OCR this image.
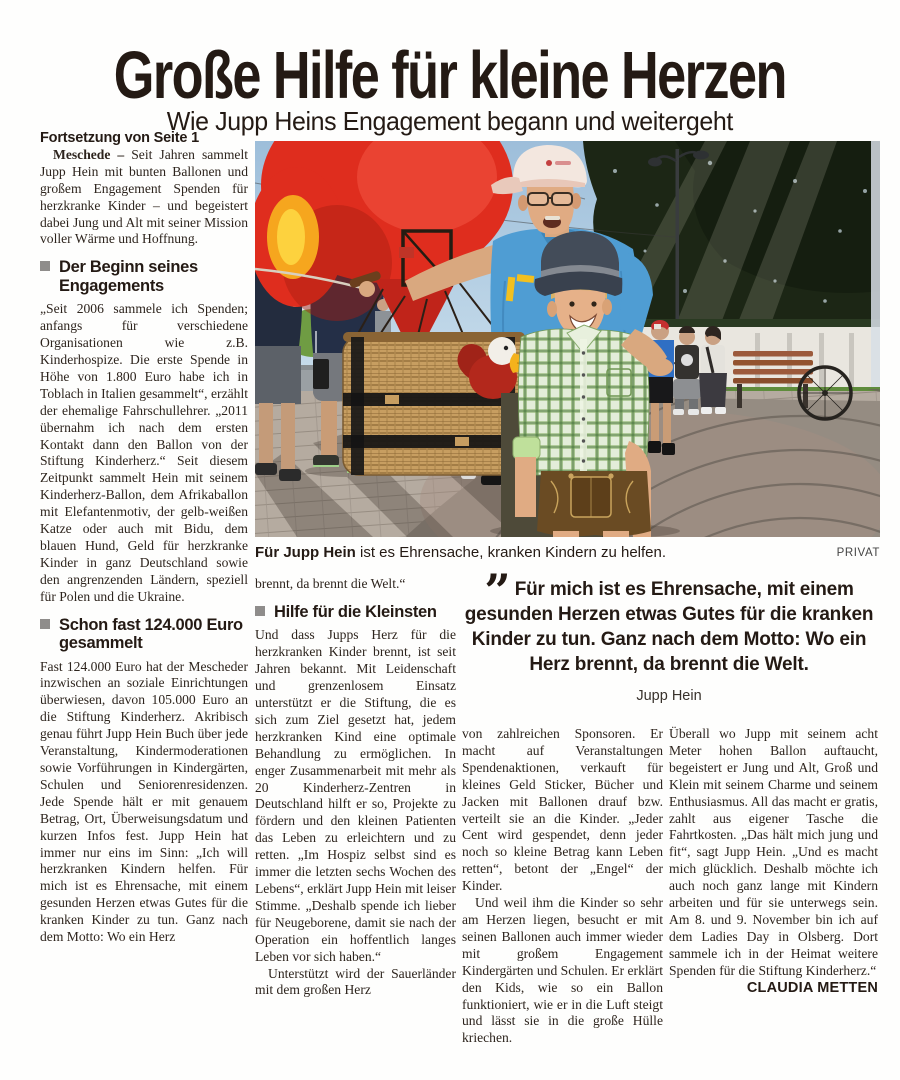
Große Hilfe für kleine Herzen
Wie Jupp Heins Engagement begann und weitergeht

Fortsetzung von Seite 1

Meschede – Seit Jahren sammelt Jupp Hein mit bunten Ballonen und großem Engagement Spenden für herzkranke Kinder – und begeistert dabei Jung und Alt mit seiner Mission voller Wärme und Hoffnung.

Der Beginn seines Engagements

„Seit 2006 sammele ich Spenden; anfangs für verschiedene Organisationen wie z.B. Kinderhospize. Die erste Spende in Höhe von 1.800 Euro habe ich in Toblach in Italien gesammelt“, erzählt der ehemalige Fahrschullehrer. „2011 übernahm ich nach dem ersten Kontakt dann den Ballon von der Stiftung Kinderherz.“ Seit diesem Zeitpunkt sammelt Hein mit seinem Kinderherz-Ballon, dem Afrikaballon mit Elefantenmotiv, der gelb-weißen Katze oder auch mit Bidu, dem blauen Hund, Geld für herzkranke Kinder in ganz Deutschland sowie den angrenzenden Ländern, speziell für Polen und die Ukraine.

Schon fast 124.000 Euro gesammelt

Fast 124.000 Euro hat der Mescheder inzwischen an soziale Einrichtungen überwiesen, davon 105.000 Euro an die Stiftung Kinderherz. Akribisch genau führt Jupp Hein Buch über jede Veranstaltung, Kindermoderationen sowie Vorführungen in Kindergärten, Schulen und Seniorenresidenzen. Jede Spende hält er mit genauem Betrag, Ort, Überweisungsdatum und kurzen Infos fest. Jupp Hein hat immer nur eins im Sinn: „Ich will herzkranken Kindern helfen. Für mich ist es Ehrensache, mit einem gesunden Herzen etwas Gutes für die kranken Kinder zu tun. Ganz nach dem Motto: Wo ein Herz

PRIVAT
Für Jupp Hein ist es Ehrensache, kranken Kindern zu helfen.

brennt, da brennt die Welt.“

Hilfe für die Kleinsten

Und dass Jupps Herz für die herzkranken Kinder brennt, ist seit Jahren bekannt. Mit Leidenschaft und grenzenlosem Einsatz unterstützt er die Stiftung, die es sich zum Ziel gesetzt hat, jedem herzkranken Kind eine optimale Behandlung zu ermöglichen. In enger Zusammenarbeit mit mehr als 20 Kinderherz-Zentren in Deutschland hilft er so, Projekte zu fördern und den kleinen Patienten das Leben zu erleichtern und zu retten. „Im Hospiz selbst sind es immer die letzten sechs Wochen des Lebens“, erklärt Jupp Hein mit leiser Stimme. „Deshalb spende ich lieber für Neugeborene, damit sie nach der Operation ein hoffentlich langes Leben vor sich haben.“

Unterstützt wird der Sauerländer mit dem großen Herz

” Für mich ist es Ehrensache, mit einem gesunden Herzen etwas Gutes für die kranken Kinder zu tun. Ganz nach dem Motto: Wo ein Herz brennt, da brennt die Welt.
Jupp Hein

von zahlreichen Sponsoren. Er macht auf Veranstaltungen Spendenaktionen, verkauft für kleines Geld Sticker, Bücher und Jacken mit Ballonen drauf bzw. verteilt sie an die Kinder. „Jeder Cent wird gespendet, denn jeder noch so kleine Betrag kann Leben retten“, betont der „Engel“ der Kinder.

Und weil ihm die Kinder so sehr am Herzen liegen, besucht er mit seinen Ballonen auch immer wieder mit großem Engagement Kindergärten und Schulen. Er erklärt den Kids, wie so ein Ballon funktioniert, wie er in die Luft steigt und lässt sie in die große Hülle kriechen.

Überall wo Jupp mit seinem acht Meter hohen Ballon auftaucht, begeistert er Jung und Alt, Groß und Klein mit seinem Charme und seinem Enthusiasmus. All das macht er gratis, zahlt aus eigener Tasche die Fahrtkosten. „Das hält mich jung und fit“, sagt Jupp Hein. „Und es macht mich glücklich. Deshalb möchte ich auch noch ganz lange mit Kindern arbeiten und für sie unterwegs sein. Am 8. und 9. November bin ich auf dem Ladies Day in Olsberg. Dort sammele ich in der Heimat weitere Spenden für die Stiftung Kinderherz.“

CLAUDIA METTEN
